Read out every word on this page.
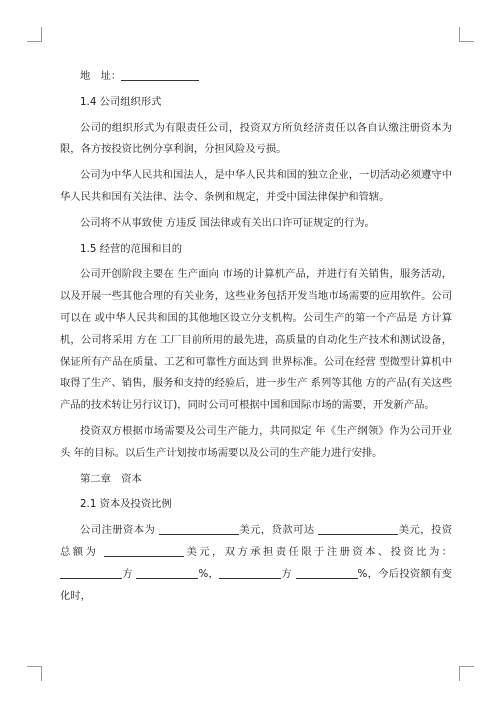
地　址：

1.4 公司组织形式

公司的组织形式为有限责任公司，投资双方所负经济责任以各自认缴注册资本为限，各方按投资比例分享利润，分担风险及亏损。

公司为中华人民共和国法人，是中华人民共和国的独立企业，一切活动必须遵守中华人民共和国有关法律、法令、条例和规定，并受中国法律保护和管辖。

公司将不从事致使 方违反 国法律或有关出口许可证规定的行为。

1.5 经营的范围和目的

公司开创阶段主要在 生产面向 市场的计算机产品，并进行有关销售，服务活动，以及开展一些其他合理的有关业务，这些业务包括开发当地市场需要的应用软件。公司可以在 或中华人民共和国的其他地区设立分支机构。公司生产的第一个产品是 方计算机，公司将采用 方在 工厂目前所用的最先进，高质量的自动化生产技术和测试设备，保证所有产品在质量、工艺和可靠性方面达到 世界标准。公司在经营 型微型计算机中取得了生产、销售，服务和支持的经验后，进一步生产 系列等其他 方的产品(有关这些产品的技术转让另行议订)，同时公司可根据中国和国际市场的需要，开发新产品。

投资双方根据市场需要及公司生产能力，共同拟定 年《生产纲领》作为公司开业头 年的目标。以后生产计划按市场需要以及公司的生产能力进行安排。

第二章　资本

2.1 资本及投资比例

公司注册资本为	美元，贷款可达	美元，投资总额为	美元，双方承担责任限于注册资本、投资比为：方	%，	方	%，今后投资额有变化时，
